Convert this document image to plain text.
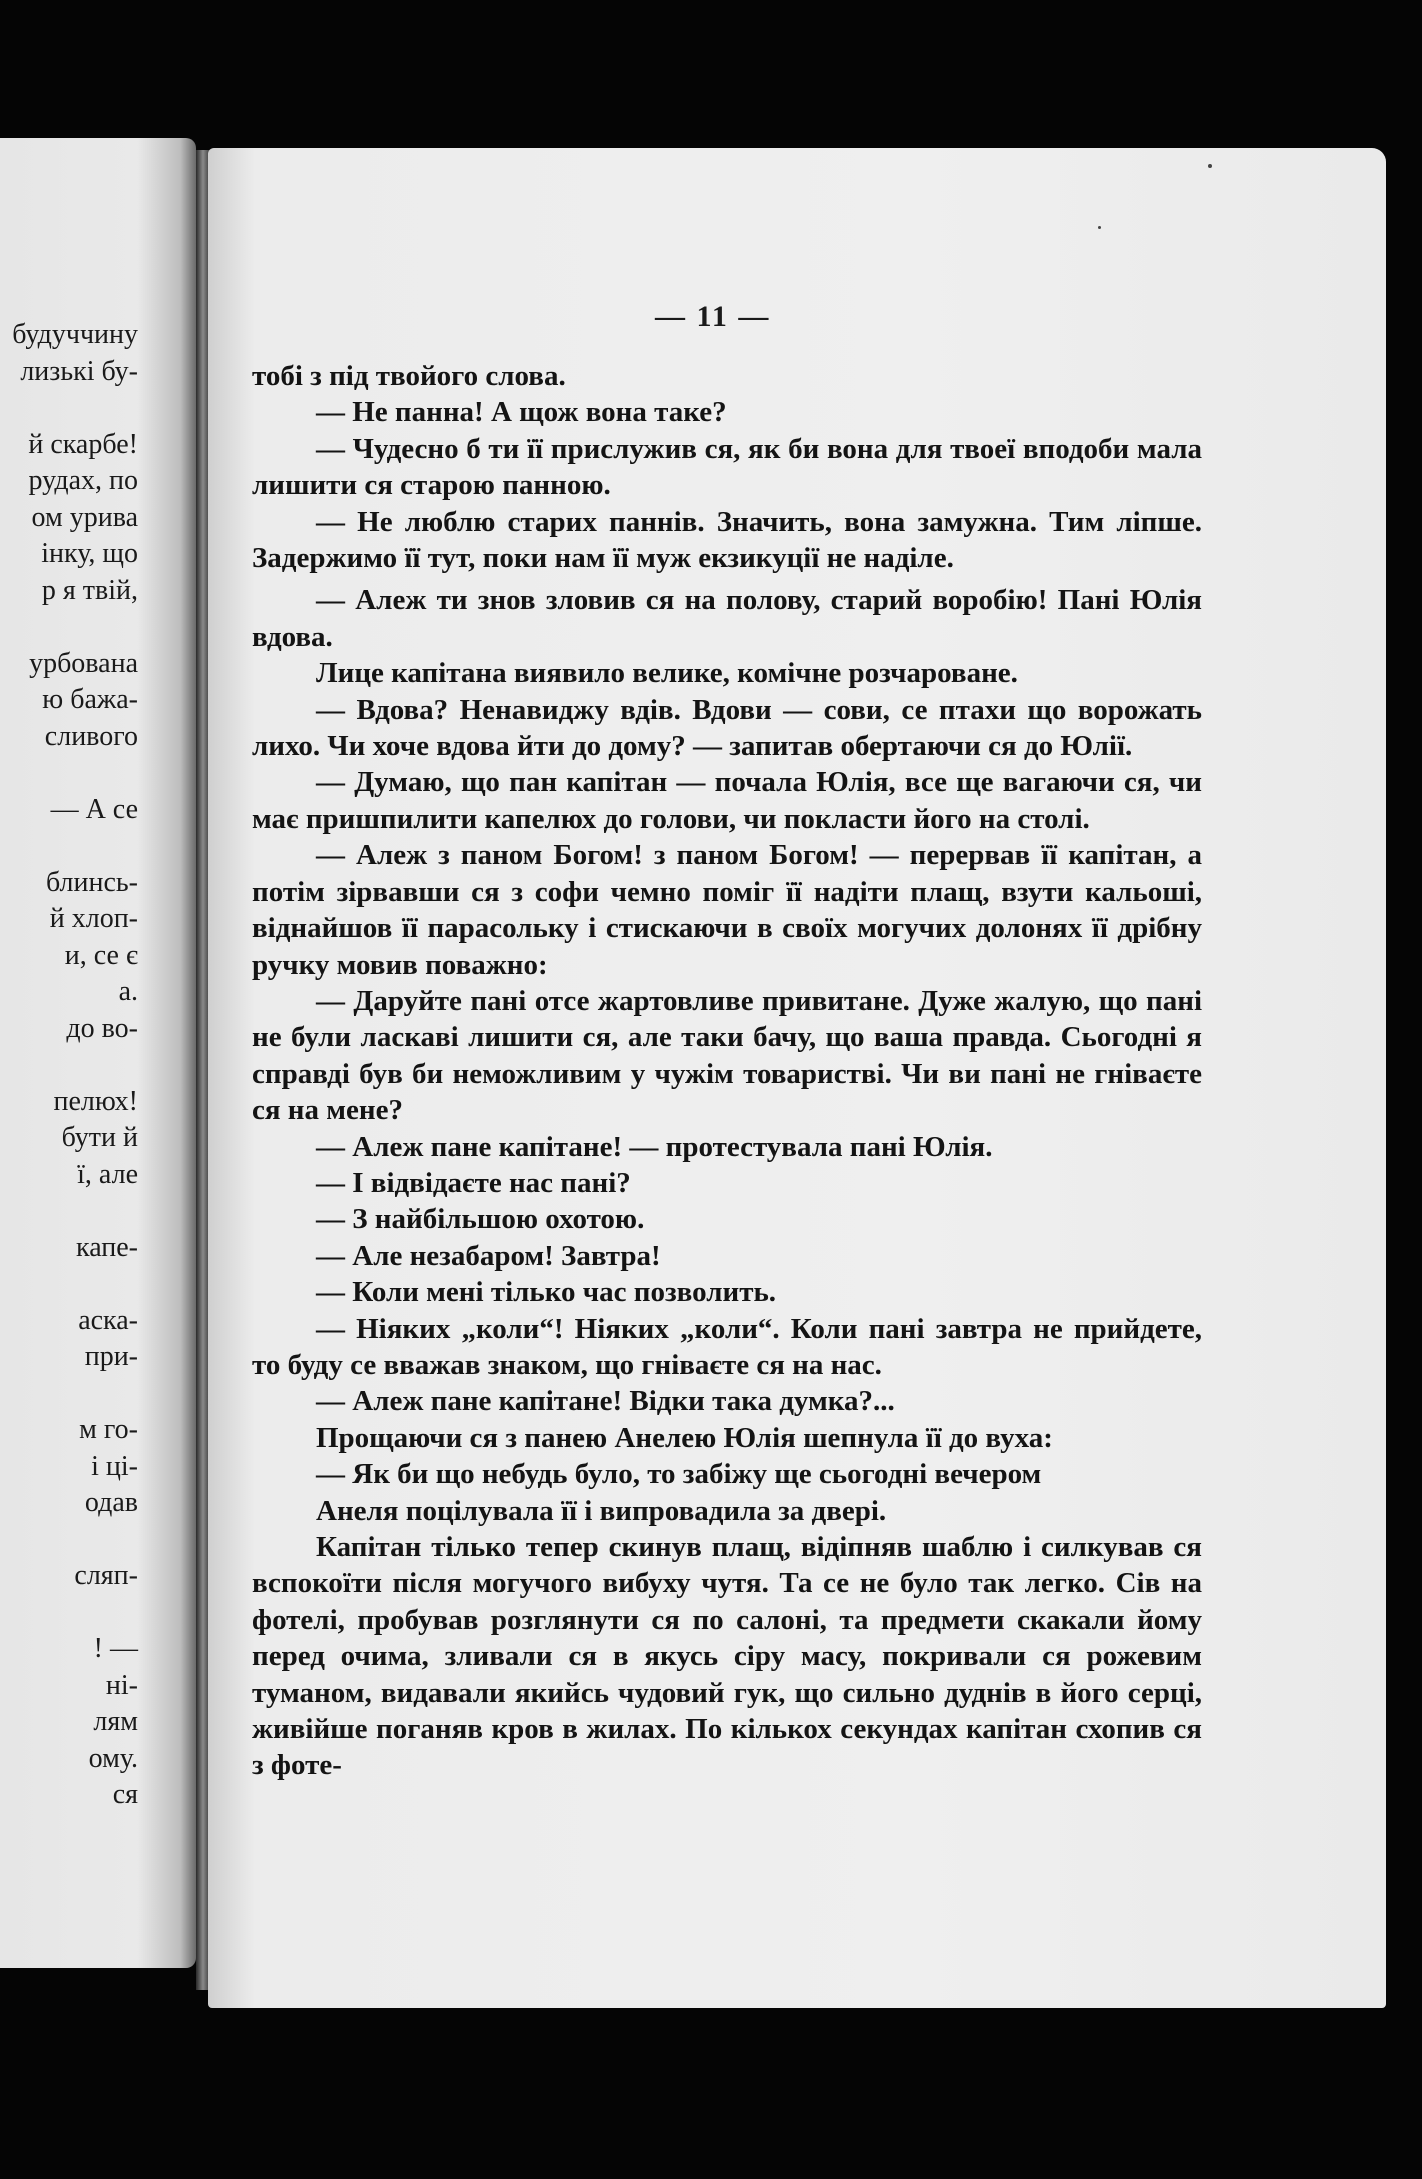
будуччину
лизькі бу-
й скарбе!
рудах, по
ом урива
інку, що
р я твій,
урбована
ю бажа-
сливого
— А се
блинсь-
й хлоп-
и, се є
а.
до во-
пелюх!
бути й
ї, але
капе-
аска-
при-
м го-
і ці-
одав
сляп-
! —
ні-
лям
ому.
ся
— 11 —

тобі з під твойого слова.

— Не панна! А щож вона таке?

— Чудесно б ти її прислужив ся, як би вона для твоеї вподоби мала лишити ся старою панною.

— Не люблю старих паннів. Значить, вона замужна. Тим ліпше. Задержимо її тут, поки нам її муж екзикуції не наділе.

— Алеж ти знов зловив ся на полову, старий воробію! Пані Юлія вдова.

Лице капітана виявило велике, комічне розчароване.

— Вдова? Ненавиджу вдів. Вдови — сови, се птахи що ворожать лихо. Чи хоче вдова йти до дому? — запитав обертаючи ся до Юлії.

— Думаю, що пан капітан — почала Юлія, все ще вагаючи ся, чи має пришпилити капелюх до голови, чи покласти його на столі.

— Алеж з паном Богом! з паном Богом! — перервав її капітан, а потім зірвавши ся з софи чемно поміг її надіти плащ, взути кальоші, віднайшов її парасольку і стискаючи в своїх могучих долонях її дрібну ручку мовив поважно:

— Даруйте пані отсе жартовливе привитане. Дуже жалую, що пані не були ласкаві лишити ся, але таки бачу, що ваша правда. Сьогодні я справді був би неможливим у чужім товаристві. Чи ви пані не гніваєте ся на мене?

— Алеж пане капітане! — протестувала пані Юлія.

— І відвідаєте нас пані?

— З найбільшою охотою.

— Але незабаром! Завтра!

— Коли мені тілько час позволить.

— Ніяких „коли“! Ніяких „коли“. Коли пані завтра не прийдете, то буду се вважав знаком, що гніваєте ся на нас.

— Алеж пане капітане! Відки така думка?...

Прощаючи ся з панею Анелею Юлія шепнула її до вуха:

— Як би що небудь було, то забіжу ще сьогодні вечером

Анеля поцілувала її і випровадила за двері.

Капітан тілько тепер скинув плащ, відіпняв шаблю і силкував ся вспокоїти після могучого вибуху чутя. Та се не було так легко. Сів на фотелі, пробував розглянути ся по салоні, та предмети скакали йому перед очима, зливали ся в якусь сіру масу, покривали ся рожевим туманом, видавали якийсь чудовий гук, що сильно дуднів в його серці, живійше поганяв кров в жилах. По кількох секундах капітан схопив ся з фоте-
